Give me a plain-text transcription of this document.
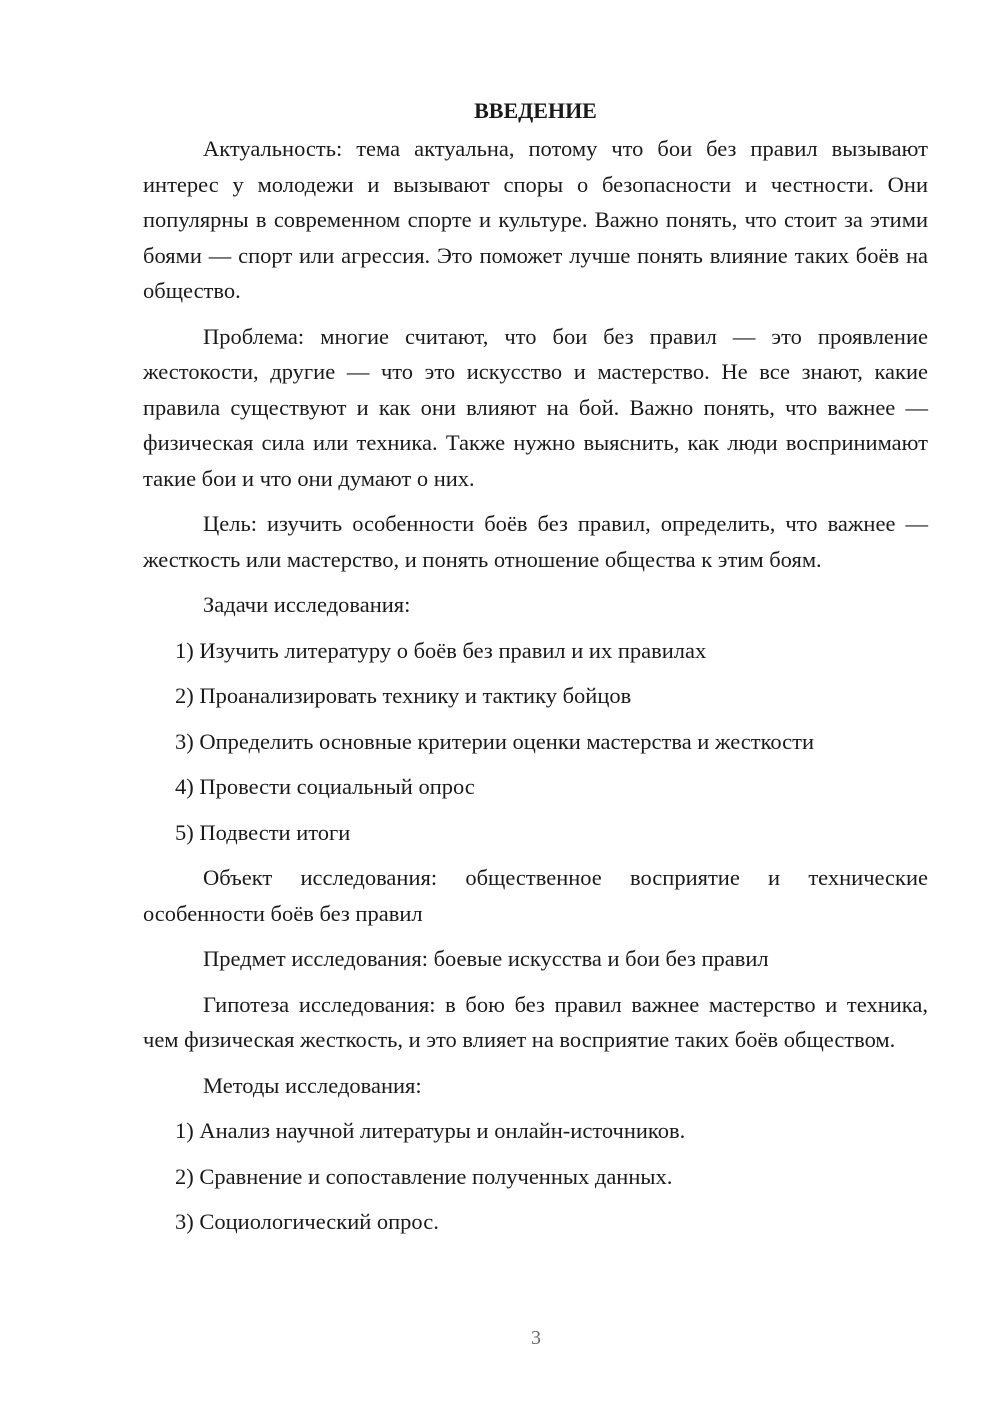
ВВЕДЕНИЕ

Актуальность: тема актуальна, потому что бои без правил вызывают интерес у молодежи и вызывают споры о безопасности и честности. Они популярны в современном спорте и культуре. Важно понять, что стоит за этими боями — спорт или агрессия. Это поможет лучше понять влияние таких боёв на общество.

Проблема: многие считают, что бои без правил — это проявление жестокости, другие — что это искусство и мастерство. Не все знают, какие правила существуют и как они влияют на бой. Важно понять, что важнее — физическая сила или техника. Также нужно выяснить, как люди воспринимают такие бои и что они думают о них.

Цель: изучить особенности боёв без правил, определить, что важнее — жесткость или мастерство, и понять отношение общества к этим боям.

Задачи исследования:

1) Изучить литературу о боёв без правил и их правилах

2) Проанализировать технику и тактику бойцов

3) Определить основные критерии оценки мастерства и жесткости

4) Провести социальный опрос

5) Подвести итоги

Объект исследования: общественное восприятие и технические особенности боёв без правил

Предмет исследования: боевые искусства и бои без правил

Гипотеза исследования: в бою без правил важнее мастерство и техника, чем физическая жесткость, и это влияет на восприятие таких боёв обществом.

Методы исследования:

1) Анализ научной литературы и онлайн-источников.

2) Сравнение и сопоставление полученных данных.

3) Социологический опрос.

3
